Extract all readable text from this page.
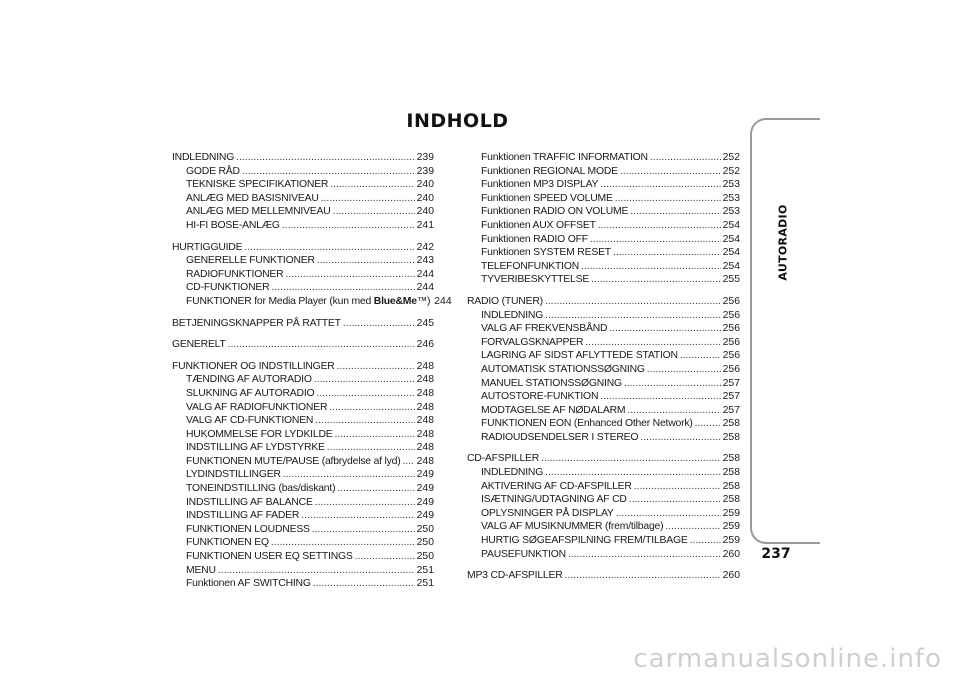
INDHOLD
INDLEDNING .....	239
GODE RÅD .....	239
TEKNISKE SPECIFIKATIONER .....	240
ANLÆG MED BASISNIVEAU .....	240
ANLÆG MED MELLEMNIVEAU .....	240
HI-FI BOSE-ANLÆG .....	241
HURTIGGUIDE .....	242
GENERELLE FUNKTIONER .....	243
RADIOFUNKTIONER .....	244
CD-FUNKTIONER .....	244
FUNKTIONER for Media Player (kun med Blue&Me™) 244
BETJENINGSKNAPPER PÅ RATTET .....	245
GENERELT .....	246
FUNKTIONER OG INDSTILLINGER .....	248
TÆNDING AF AUTORADIO .....	248
SLUKNING AF AUTORADIO .....	248
VALG AF RADIOFUNKTIONER .....	248
VALG AF CD-FUNKTIONEN .....	248
HUKOMMELSE FOR LYDKILDE .....	248
INDSTILLING AF LYDSTYRKE .....	248
FUNKTIONEN MUTE/PAUSE (afbrydelse af lyd) ..... 248
LYDINDSTILLINGER .....	249
TONEINDSTILLING (bas/diskant) .....	249
INDSTILLING AF BALANCE .....	249
INDSTILLING AF FADER .....	249
FUNKTIONEN LOUDNESS .....	250
FUNKTIONEN EQ .....	250
FUNKTIONEN USER EQ SETTINGS .....	250
MENU .....	251
Funktionen AF SWITCHING .....	251
Funktionen TRAFFIC INFORMATION .....	252
Funktionen REGIONAL MODE .....	252
Funktionen MP3 DISPLAY .....	253
Funktionen SPEED VOLUME .....	253
Funktionen RADIO ON VOLUME .....	253
Funktionen AUX OFFSET .....	254
Funktionen RADIO OFF .....	254
Funktionen SYSTEM RESET .....	254
TELEFONFUNKTION .....	254
TYVERIBESKYTTELSE .....	255
RADIO (TUNER) .....	256
INDLEDNING .....	256
VALG AF FREKVENSBÅND .....	256
FORVALGSKNAPPER .....	256
LAGRING AF SIDST AFLYTTEDE STATION .....	256
AUTOMATISK STATIONSSØGNING .....	256
MANUEL STATIONSSØGNING .....	257
AUTOSTORE-FUNKTION .....	257
MODTAGELSE AF NØDALARM .....	257
FUNKTIONEN EON (Enhanced Other Network) .....	258
RADIOUDSENDELSER I STEREO .....	258
CD-AFSPILLER .....	258
INDLEDNING .....	258
AKTIVERING AF CD-AFSPILLER .....	258
ISÆTNING/UDTAGNING AF CD .....	258
OPLYSNINGER PÅ DISPLAY .....	259
VALG AF MUSIKNUMMER (frem/tilbage) .....	259
HURTIG SØGEAFSPILNING FREM/TILBAGE .....	259
PAUSEFUNKTION .....	260
MP3 CD-AFSPILLER .....	260
AUTORADIO
237
carmanualsonline.info
